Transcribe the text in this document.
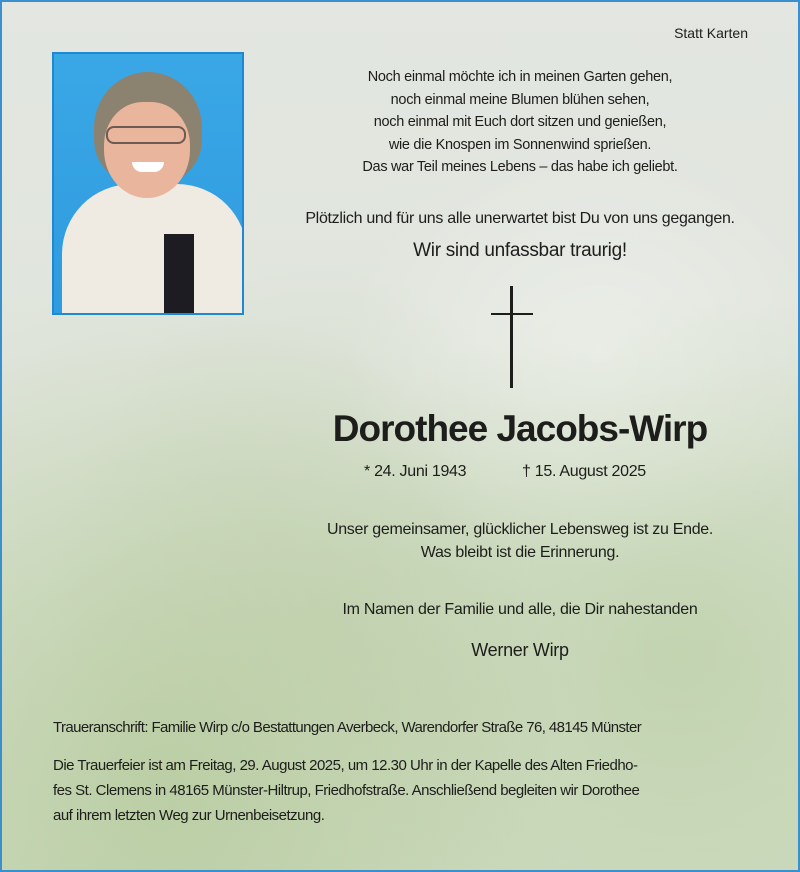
Statt Karten
Noch einmal möchte ich in meinen Garten gehen,
noch einmal meine Blumen blühen sehen,
noch einmal mit Euch dort sitzen und genießen,
wie die Knospen im Sonnenwind sprießen.
Das war Teil meines Lebens – das habe ich geliebt.
Plötzlich und für uns alle unerwartet bist Du von uns gegangen.
Wir sind unfassbar traurig!
Dorothee Jacobs-Wirp
* 24. Juni 1943	† 15. August 2025
Unser gemeinsamer, glücklicher Lebensweg ist zu Ende.
Was bleibt ist die Erinnerung.
Im Namen der Familie und alle, die Dir nahestanden
Werner Wirp
Traueranschrift: Familie Wirp c/o Bestattungen Averbeck, Warendorfer Straße 76, 48145 Münster
Die Trauerfeier ist am Freitag, 29. August 2025, um 12.30 Uhr in der Kapelle des Alten Friedho-
fes St. Clemens in 48165 Münster-Hiltrup, Friedhofstraße. Anschließend begleiten wir Dorothee
auf ihrem letzten Weg zur Urnenbeisetzung.
